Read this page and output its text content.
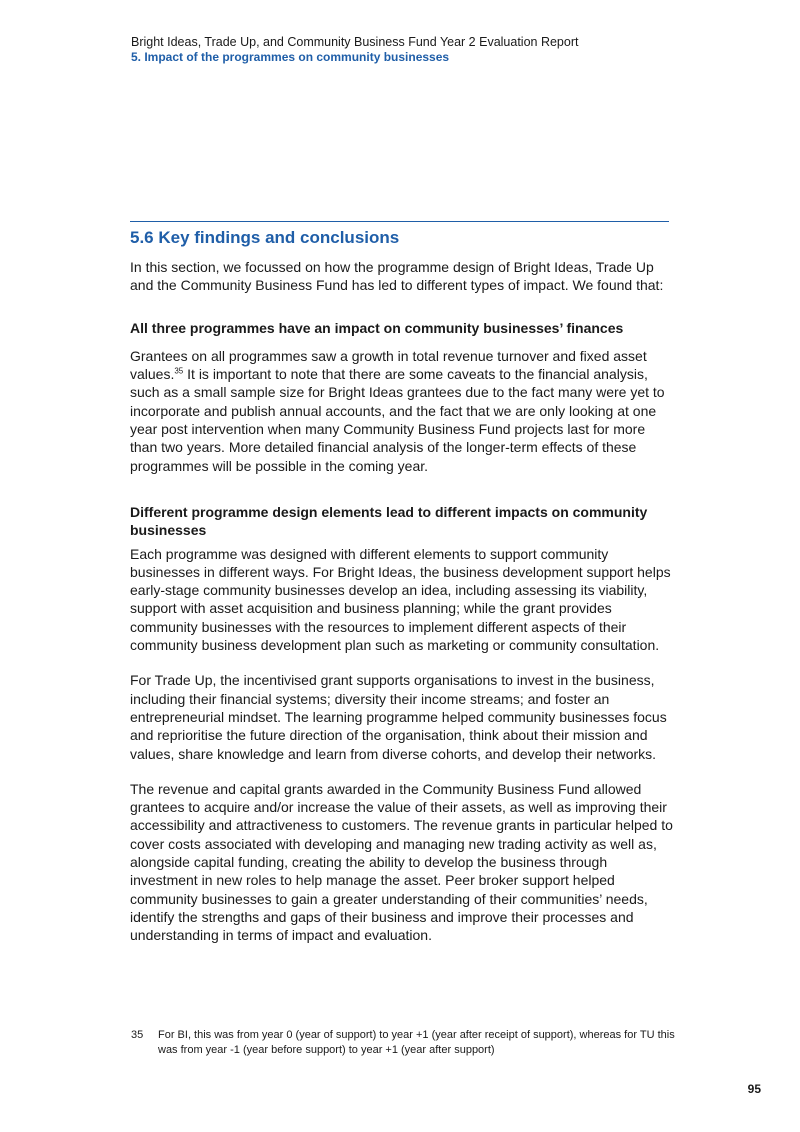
Bright Ideas, Trade Up, and Community Business Fund Year 2 Evaluation Report
5. Impact of the programmes on community businesses
5.6 Key findings and conclusions

In this section, we focussed on how the programme design of Bright Ideas, Trade Up and the Community Business Fund has led to different types of impact. We found that:

All three programmes have an impact on community businesses’ finances

Grantees on all programmes saw a growth in total revenue turnover and fixed asset values.$^{35}$ It is important to note that there are some caveats to the financial analysis, such as a small sample size for Bright Ideas grantees due to the fact many were yet to incorporate and publish annual accounts, and the fact that we are only looking at one year post intervention when many Community Business Fund projects last for more than two years. More detailed financial analysis of the longer-term effects of these programmes will be possible in the coming year.

Different programme design elements lead to different impacts on community businesses

Each programme was designed with different elements to support community businesses in different ways. For Bright Ideas, the business development support helps early-stage community businesses develop an idea, including assessing its viability, support with asset acquisition and business planning; while the grant provides community businesses with the resources to implement different aspects of their community business development plan such as marketing or community consultation.

For Trade Up, the incentivised grant supports organisations to invest in the business, including their financial systems; diversity their income streams; and foster an entrepreneurial mindset. The learning programme helped community businesses focus and reprioritise the future direction of the organisation, think about their mission and values, share knowledge and learn from diverse cohorts, and develop their networks.

The revenue and capital grants awarded in the Community Business Fund allowed grantees to acquire and/or increase the value of their assets, as well as improving their accessibility and attractiveness to customers. The revenue grants in particular helped to cover costs associated with developing and managing new trading activity as well as, alongside capital funding, creating the ability to develop the business through investment in new roles to help manage the asset. Peer broker support helped community businesses to gain a greater understanding of their communities’ needs, identify the strengths and gaps of their business and improve their processes and understanding in terms of impact and evaluation.

35	For BI, this was from year 0 (year of support) to year +1 (year after receipt of support), whereas for TU this was from year -1 (year before support) to year +1 (year after support)
95
